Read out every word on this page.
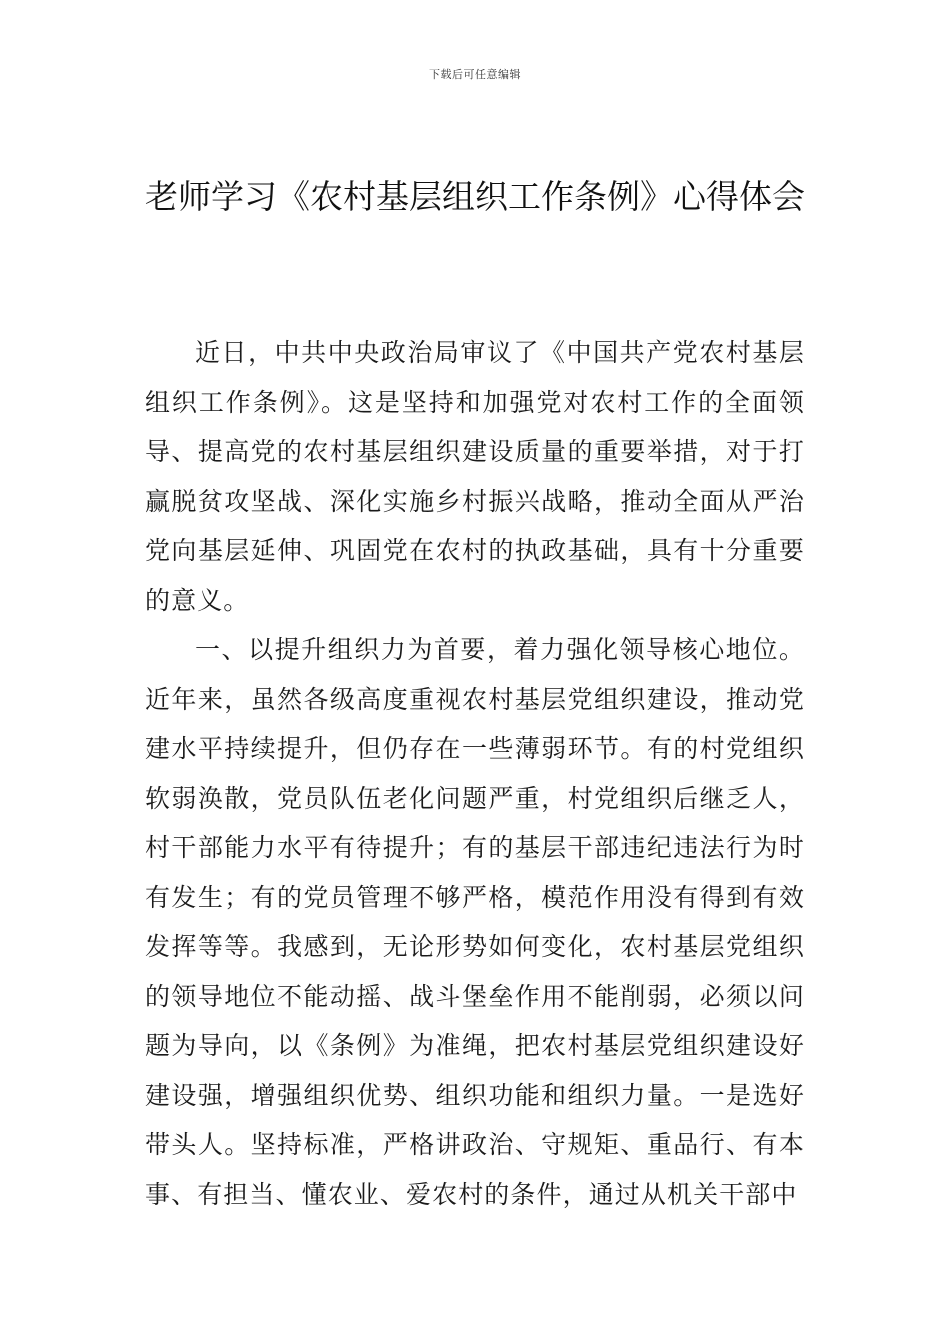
下载后可任意编辑
老师学习《农村基层组织工作条例》心得体会

近日，中共中央政治局审议了《中国共产党农村基层组织工作条例》。这是坚持和加强党对农村工作的全面领导、提高党的农村基层组织建设质量的重要举措，对于打赢脱贫攻坚战、深化实施乡村振兴战略，推动全面从严治党向基层延伸、巩固党在农村的执政基础，具有十分重要的意义。

一、以提升组织力为首要，着力强化领导核心地位。近年来，虽然各级高度重视农村基层党组织建设，推动党建水平持续提升，但仍存在一些薄弱环节。有的村党组织软弱涣散，党员队伍老化问题严重，村党组织后继乏人，村干部能力水平有待提升；有的基层干部违纪违法行为时有发生；有的党员管理不够严格，模范作用没有得到有效发挥等等。我感到，无论形势如何变化，农村基层党组织的领导地位不能动摇、战斗堡垒作用不能削弱，必须以问题为导向，以《条例》为准绳，把农村基层党组织建设好建设强，增强组织优势、组织功能和组织力量。一是选好带头人。坚持标准，严格讲政治、守规矩、重品行、有本事、有担当、懂农业、爱农村的条件，通过从机关干部中
